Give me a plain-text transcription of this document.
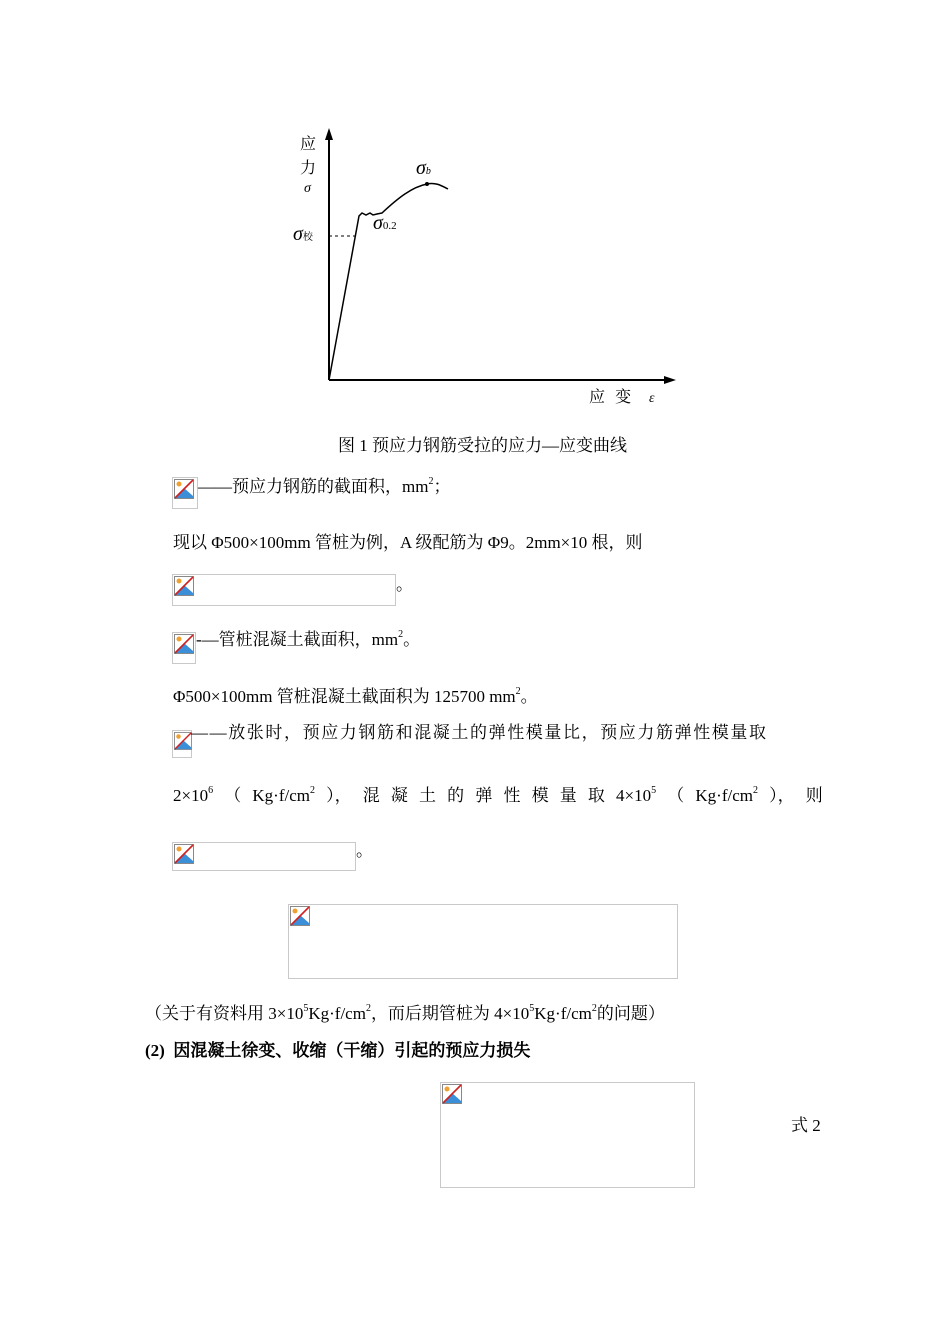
应
力
σ
σ校
σ0.2
σb
应  变 ε
图 1 预应力钢筋受拉的应力—应变曲线
——预应力钢筋的截面积，$mm^2$；
现以 Φ500×100mm 管桩为例，A 级配筋为 Φ9。2mm×10 根，则
。
-—管桩混凝土截面积，$mm^2$。
Φ500×100mm 管桩混凝土截面积为 125700 $mm^2$。
——放张时，预应力钢筋和混凝土的弹性模量比，预应力筋弹性模量取
$2\times 10^6$ （ $Kg\cdot f/cm^2$ ）， 混 凝 土 的 弹 性 模 量 取 $4\times 10^5$ （ $Kg\cdot f/cm^2$ ）， 则
。
（关于有资料用 $3\times 10^5Kg\cdot f/cm^2$，而后期管桩为 $4\times 10^5Kg\cdot f/cm^2$的问题）
(2)  因混凝土徐变、收缩（干缩）引起的预应力损失
式 2
